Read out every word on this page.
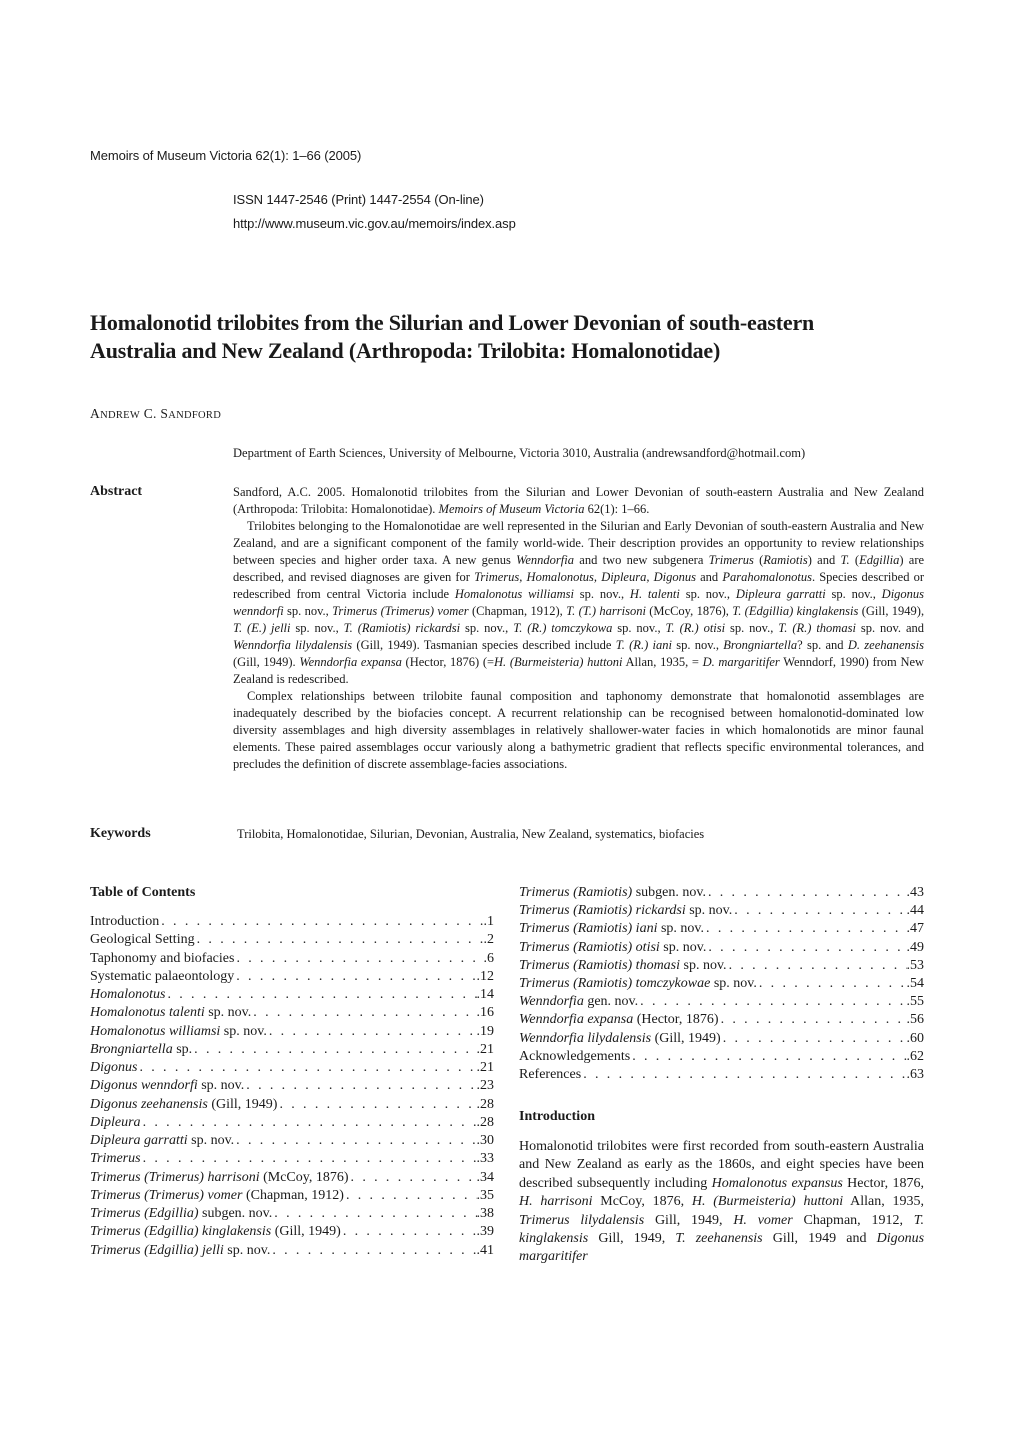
Memoirs of Museum Victoria 62(1): 1–66 (2005)
ISSN 1447-2546 (Print) 1447-2554 (On-line)
http://www.museum.vic.gov.au/memoirs/index.asp
Homalonotid trilobites from the Silurian and Lower Devonian of south-eastern
Australia and New Zealand (Arthropoda: Trilobita: Homalonotidae)
ANDREW C. SANDFORD
Department of Earth Sciences, University of Melbourne, Victoria 3010, Australia (andrewsandford@hotmail.com)
Abstract	Sandford, A.C. 2005. Homalonotid trilobites from the Silurian and Lower Devonian of south-eastern Australia and New Zealand (Arthropoda: Trilobita: Homalonotidae). Memoirs of Museum Victoria 62(1): 1–66.

Trilobites belonging to the Homalonotidae are well represented in the Silurian and Early Devonian of south-eastern Australia and New Zealand, and are a significant component of the family world-wide. Their description provides an opportunity to review relationships between species and higher order taxa. A new genus Wenndorfia and two new subgenera Trimerus (Ramiotis) and T. (Edgillia) are described, and revised diagnoses are given for Trimerus, Homalonotus, Dipleura, Digonus and Parahomalonotus. Species described or redescribed from central Victoria include Homalonotus williamsi sp. nov., H. talenti sp. nov., Dipleura garratti sp. nov., Digonus wenndorfi sp. nov., Trimerus (Trimerus) vomer (Chapman, 1912), T. (T.) harrisoni (McCoy, 1876), T. (Edgillia) kinglakensis (Gill, 1949), T. (E.) jelli sp. nov., T. (Ramiotis) rickardsi sp. nov., T. (R.) tomczykowa sp. nov., T. (R.) otisi sp. nov., T. (R.) thomasi sp. nov. and Wenndorfia lilydalensis (Gill, 1949). Tasmanian species described include T. (R.) iani sp. nov., Brongniartella? sp. and D. zeehanensis (Gill, 1949). Wenndorfia expansa (Hector, 1876) (=H. (Burmeisteria) huttoni Allan, 1935, = D. margaritifer Wenndorf, 1990) from New Zealand is redescribed.

Complex relationships between trilobite faunal composition and taphonomy demonstrate that homalonotid assemblages are inadequately described by the biofacies concept. A recurrent relationship can be recognised between homalonotid-dominated low diversity assemblages and high diversity assemblages in relatively shallower-water facies in which homalonotids are minor faunal elements. These paired assemblages occur variously along a bathymetric gradient that reflects specific environmental tolerances, and precludes the definition of discrete assemblage-facies associations.

Keywords	Trilobita, Homalonotidae, Silurian, Devonian, Australia, New Zealand, systematics, biofacies
Table of Contents
Introduction . . .	.1
Geological Setting . . .	.2
Taphonomy and biofacies . . .	.6
Systematic palaeontology . . .	.12
Homalonotus . . .	.14
Homalonotus talenti sp. nov. . . .	.16
Homalonotus williamsi sp. nov. . . .	.19
Brongniartella sp. . . .	.21
Digonus . . .	.21
Digonus wenndorfi sp. nov. . . .	.23
Digonus zeehanensis (Gill, 1949) . . .	.28
Dipleura . . .	.28
Dipleura garratti sp. nov. . . .	.30
Trimerus . . .	.33
Trimerus (Trimerus) harrisoni (McCoy, 1876) . . .	.34
Trimerus (Trimerus) vomer (Chapman, 1912) . . .	.35
Trimerus (Edgillia) subgen. nov. . . .	.38
Trimerus (Edgillia) kinglakensis (Gill, 1949) . . .	.39
Trimerus (Edgillia) jelli sp. nov. . . .	.41
Trimerus (Ramiotis) subgen. nov. . . .	.43
Trimerus (Ramiotis) rickardsi sp. nov. . . .	.44
Trimerus (Ramiotis) iani sp. nov. . . .	.47
Trimerus (Ramiotis) otisi sp. nov. . . .	.49
Trimerus (Ramiotis) thomasi sp. nov. . . .	.53
Trimerus (Ramiotis) tomczykowae sp. nov. . . .	.54
Wenndorfia gen. nov. . . .	.55
Wenndorfia expansa (Hector, 1876) . . .	.56
Wenndorfia lilydalensis (Gill, 1949) . . .	.60
Acknowledgements . . .	.62
References . . .	.63
Introduction

Homalonotid trilobites were first recorded from south-eastern Australia and New Zealand as early as the 1860s, and eight species have been described subsequently including Homalonotus expansus Hector, 1876, H. harrisoni McCoy, 1876, H. (Burmeisteria) huttoni Allan, 1935, Trimerus lilydalensis Gill, 1949, H. vomer Chapman, 1912, T. kinglakensis Gill, 1949, T. zeehanensis Gill, 1949 and Digonus margaritifer
